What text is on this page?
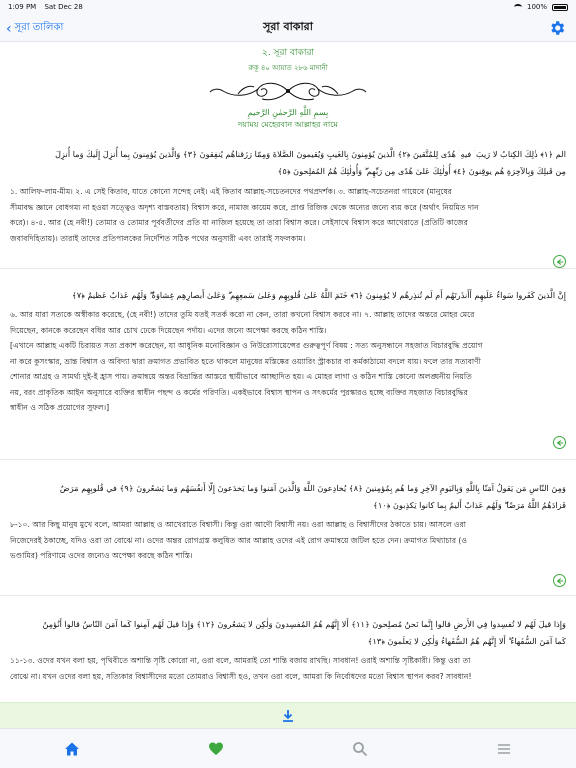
1:09 PM Sat Dec 28	100%
‹ সূরা তালিকা	সূরা বাকারা
২. সূরা বাকারা
রুকূ ৪০ আয়াত ২৮৬ মাদানী
بِسمِ اللَّهِ الرَّحمٰنِ الرَّحيمِ
দয়াময় মেহেরবান আল্লাহর নামে
الم ﴿١﴾ ذٰلِكَ الكِتابُ لا رَيبَ ۛ فيهِ ۛ هُدًى لِلمُتَّقينَ ﴿٢﴾ الَّذينَ يُؤمِنونَ بِالغَيبِ وَيُقيمونَ الصَّلاةَ وَمِمّا رَزَقناهُم يُنفِقونَ ﴿٣﴾ وَالَّذينَ يُؤمِنونَ بِما أُنزِلَ إِلَيكَ وَما أُنزِلَ
مِن قَبلِكَ وَبِالآخِرَةِ هُم يوقِنونَ ﴿٤﴾ أُولٰئِكَ عَلىٰ هُدًى مِن رَبِّهِم ۖ وَأُولٰئِكَ هُمُ المُفلِحونَ ﴿٥﴾
১. আলিফ-লাম-মীম। ২. এ সেই কিতাব, যাতে কোনো সন্দেহ নেই। এই কিতাব আল্লাহ-সচেতনদের পথপ্রদর্শক। ৩. আল্লাহ-সচেতনরা গায়েবে (মানুষের
সীমাবদ্ধ জ্ঞানে বোধগম্য না হওয়া সত্ত্বেও অদৃশ্য বাস্তবতায়) বিশ্বাস করে, নামাজ কায়েম করে, প্রাপ্ত রিজিক থেকে অন্যের জন্যে ব্যয় করে (অর্থাৎ নিয়মিত দান
করে)। ৪-৫. আর (হে নবী!) তোমার ও তোমার পূর্ববর্তীদের প্রতি যা নাজিল হয়েছে তা তারা বিশ্বাস করে। সেইসাথে বিশ্বাস করে আখেরাতে (প্রতিটি কাজের
জবাবদিহিতায়)। তারাই তাদের প্রতিপালকের নির্দেশিত সঠিক পথের অনুসারী এবং তারাই সফলকাম।
إِنَّ الَّذينَ كَفَروا سَواءٌ عَلَيهِم أَأَنذَرتَهُم أَم لَم تُنذِرهُم لا يُؤمِنونَ ﴿٦﴾ خَتَمَ اللَّهُ عَلىٰ قُلوبِهِم وَعَلىٰ سَمعِهِم ۖ وَعَلىٰ أَبصارِهِم غِشاوَةٌ ۖ وَلَهُم عَذابٌ عَظيمٌ ﴿٧﴾
৬. আর যারা সত্যকে অস্বীকার করেছে, (হে নবী!) তাদের তুমি যতই সতর্ক করো না কেন, তারা কখনো বিশ্বাস করবে না। ৭. আল্লাহ তাদের অন্তরে মোহর মেরে
দিয়েছেন, কানকে করেছেন বধির আর চোখ ঢেকে দিয়েছেন পর্দায়। এদের জন্যে অপেক্ষা করছে কঠিন শাস্তি।
[এখানে আল্লাহ একটি চিরায়ত সত্য প্রকাশ করেছেন, যা আধুনিক মনোবিজ্ঞান ও নিউরোসায়েন্সের গুরুত্বপূর্ণ বিষয় : সত্য অনুসন্ধানে সহজাত বিচারবুদ্ধি প্রয়োগ
না করে কুসংস্কার, ভ্রান্ত বিশ্বাস ও অবিদ্যা দ্বারা ক্রমাগত প্রভাবিত হতে থাকলে মানুষের মস্তিষ্কের ওয়্যারিং স্ট্রাকচার বা কর্মকাঠামো বদলে যায়। ফলে তার সত্যবাণী
শোনার আগ্রহ ও সামর্থ্য দুই-ই হ্রাস পায়। ক্রমান্বয়ে অন্তর বিভ্রান্তির আস্তরে স্থায়ীভাবে আচ্ছাদিত হয়। এ মোহর লাগা ও কঠিন শাস্তি কোনো অলঙ্ঘনীয় নিয়তি
নয়, বরং প্রাকৃতিক আইন অনুসারে ব্যক্তির স্বাধীন পছন্দ ও কর্মের পরিণতি। একইভাবে বিশ্বাস স্থাপন ও সৎকর্মের পুরস্কারও হচ্ছে ব্যক্তির সহজাত বিচারবুদ্ধির
স্বাধীন ও সঠিক প্রয়োগের সুফল।]
وَمِنَ النّاسِ مَن يَقولُ آمَنّا بِاللَّهِ وَبِاليَومِ الآخِرِ وَما هُم بِمُؤمِنينَ ﴿٨﴾ يُخادِعونَ اللَّهَ وَالَّذينَ آمَنوا وَما يَخدَعونَ إِلّا أَنفُسَهُم وَما يَشعُرونَ ﴿٩﴾ في قُلوبِهِم مَرَضٌ
فَزادَهُمُ اللَّهُ مَرَضًا ۖ وَلَهُم عَذابٌ أَليمٌ بِما كانوا يَكذِبونَ ﴿١٠﴾
৮-১০. আর কিছু মানুষ মুখে বলে, আমরা আল্লাহ ও আখেরাতে বিশ্বাসী। কিন্তু ওরা আদৌ বিশ্বাসী নয়। ওরা আল্লাহ ও বিশ্বাসীদের ঠকাতে চায়। আসলে ওরা
নিজেদেরই ঠকাচ্ছে, যদিও ওরা তা বোঝে না। ওদের অন্তর রোগগ্রস্ত কলুষিত আর আল্লাহ ওদের এই রোগ ক্রমান্বয়ে জটিল হতে দেন। ক্রমাগত মিথ্যাচার (ও
ভণ্ডামির) পরিণামে ওদের জন্যেও অপেক্ষা করছে কঠিন শাস্তি।
وَإِذا قيلَ لَهُم لا تُفسِدوا فِي الأَرضِ قالوا إِنَّما نَحنُ مُصلِحونَ ﴿١١﴾ أَلا إِنَّهُم هُمُ المُفسِدونَ وَلٰكِن لا يَشعُرونَ ﴿١٢﴾ وَإِذا قيلَ لَهُم آمِنوا كَما آمَنَ النّاسُ قالوا أَنُؤمِنُ
كَما آمَنَ السُّفَهاءُ ۗ أَلا إِنَّهُم هُمُ السُّفَهاءُ وَلٰكِن لا يَعلَمونَ ﴿١٣﴾
১১-১৩. ওদের যখন বলা হয়, পৃথিবীতে অশান্তি সৃষ্টি কোরো না, ওরা বলে, আমরাই তো শান্তি বজায় রাখছি। সাবধান! ওরাই অশান্তি সৃষ্টিকারী। কিন্তু ওরা তা
বোঝে না। যখন ওদের বলা হয়, সত্যিকার বিশ্বাসীদের মতো তোমরাও বিশ্বাসী হও, তখন ওরা বলে, আমরা কি নির্বোধদের মতো বিশ্বাস স্থাপন করব? সাবধান!
